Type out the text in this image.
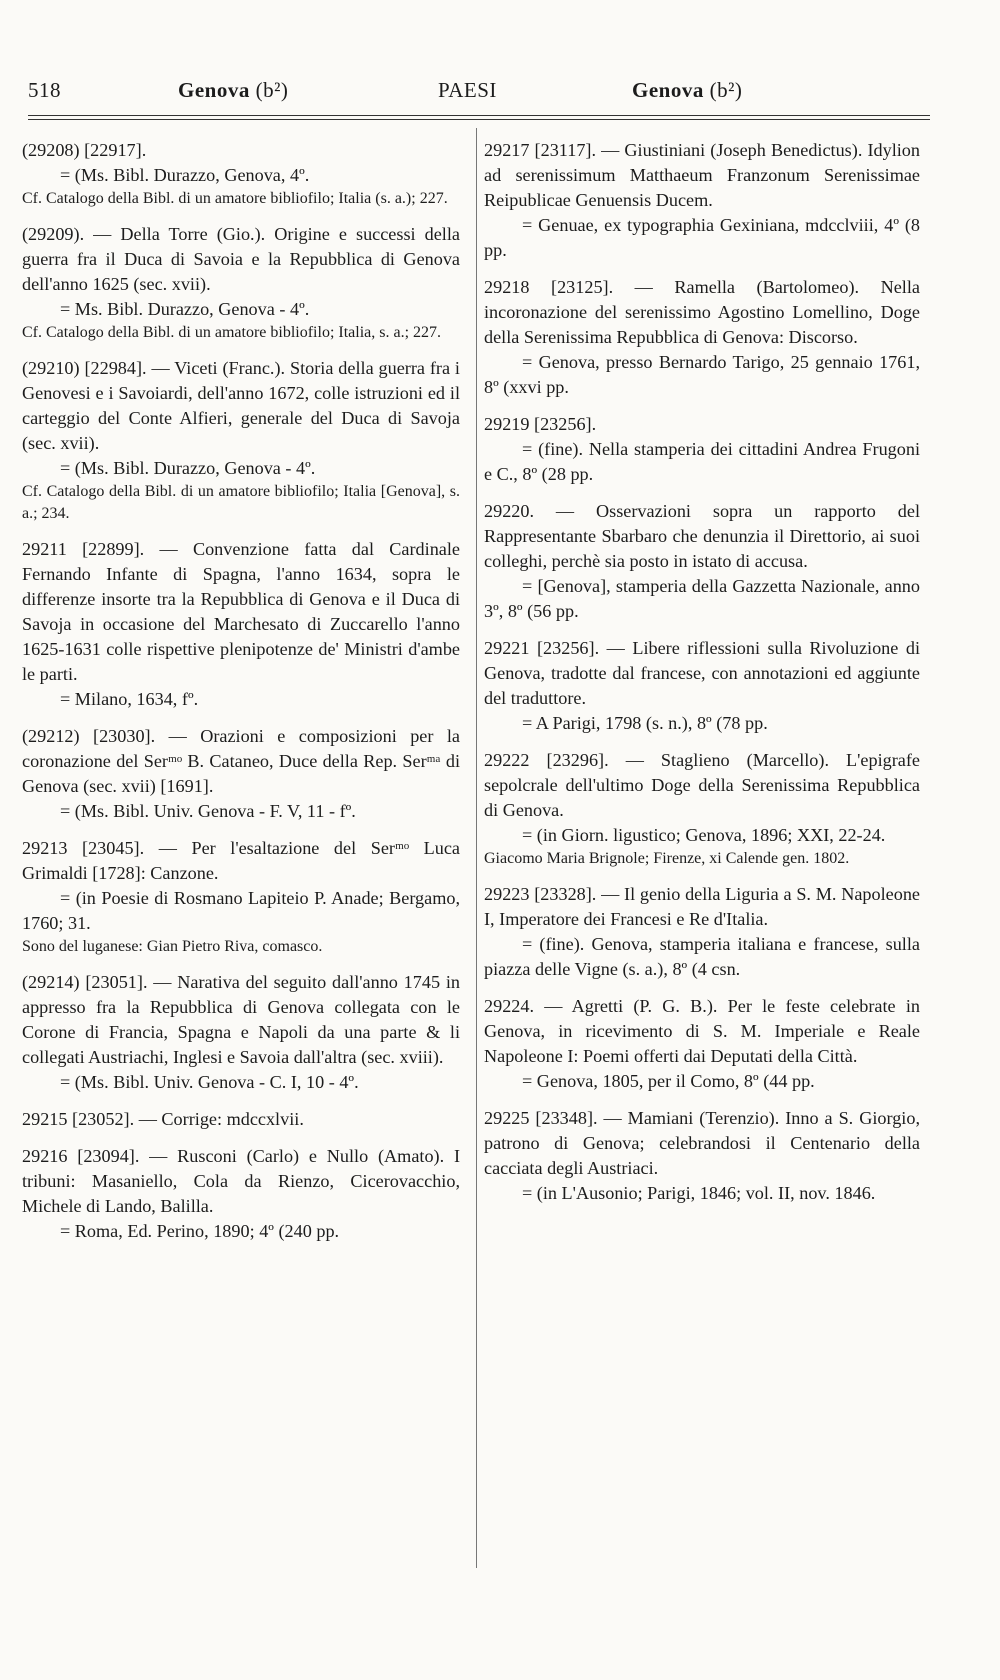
518	Genova (b²)	PAESI	Genova (b²)

(29208) [22917].

= (Ms. Bibl. Durazzo, Genova, 4º.

Cf. Catalogo della Bibl. di un amatore bibliofilo; Italia (s. a.); 227.

(29209). — Della Torre (Gio.). Origine e successi della guerra fra il Duca di Savoia e la Repubblica di Genova dell'anno 1625 (sec. xvii).

= Ms. Bibl. Durazzo, Genova - 4º.

Cf. Catalogo della Bibl. di un amatore bibliofilo; Italia, s. a.; 227.

(29210) [22984]. — Viceti (Franc.). Storia della guerra fra i Genovesi e i Savoiardi, dell'anno 1672, colle istruzioni ed il carteggio del Conte Alfieri, generale del Duca di Savoja (sec. xvii).

= (Ms. Bibl. Durazzo, Genova - 4º.

Cf. Catalogo della Bibl. di un amatore bibliofilo; Italia [Genova], s. a.; 234.

29211 [22899]. — Convenzione fatta dal Cardinale Fernando Infante di Spagna, l'anno 1634, sopra le differenze insorte tra la Repubblica di Genova e il Duca di Savoja in occasione del Marchesato di Zuccarello l'anno 1625-1631 colle rispettive plenipotenze de' Ministri d'ambe le parti.

= Milano, 1634, fº.

(29212) [23030]. — Orazioni e composizioni per la coronazione del Serᵐᵒ B. Cataneo, Duce della Rep. Serᵐᵃ di Genova (sec. xvii) [1691].

= (Ms. Bibl. Univ. Genova - F. V, 11 - fº.

29213 [23045]. — Per l'esaltazione del Serᵐᵒ Luca Grimaldi [1728]: Canzone.

= (in Poesie di Rosmano Lapiteio P. Anade; Bergamo, 1760; 31.

Sono del luganese: Gian Pietro Riva, comasco.

(29214) [23051]. — Narativa del seguito dall'anno 1745 in appresso fra la Repubblica di Genova collegata con le Corone di Francia, Spagna e Napoli da una parte & li collegati Austriachi, Inglesi e Savoia dall'altra (sec. xviii).

= (Ms. Bibl. Univ. Genova - C. I, 10 - 4º.

29215 [23052]. — Corrige: mdccxlvii.

29216 [23094]. — Rusconi (Carlo) e Nullo (Amato). I tribuni: Masaniello, Cola da Rienzo, Cicerovacchio, Michele di Lando, Balilla.

= Roma, Ed. Perino, 1890; 4º (240 pp.

29217 [23117]. — Giustiniani (Joseph Benedictus). Idylion ad serenissimum Matthaeum Franzonum Serenissimae Reipublicae Genuensis Ducem.

= Genuae, ex typographia Gexiniana, mdcclviii, 4º (8 pp.

29218 [23125]. — Ramella (Bartolomeo). Nella incoronazione del serenissimo Agostino Lomellino, Doge della Serenissima Repubblica di Genova: Discorso.

= Genova, presso Bernardo Tarigo, 25 gennaio 1761, 8º (xxvi pp.

29219 [23256].

= (fine). Nella stamperia dei cittadini Andrea Frugoni e C., 8º (28 pp.

29220. — Osservazioni sopra un rapporto del Rappresentante Sbarbaro che denunzia il Direttorio, ai suoi colleghi, perchè sia posto in istato di accusa.

= [Genova], stamperia della Gazzetta Nazionale, anno 3º, 8º (56 pp.

29221 [23256]. — Libere riflessioni sulla Rivoluzione di Genova, tradotte dal francese, con annotazioni ed aggiunte del traduttore.

= A Parigi, 1798 (s. n.), 8º (78 pp.

29222 [23296]. — Staglieno (Marcello). L'epigrafe sepolcrale dell'ultimo Doge della Serenissima Repubblica di Genova.

= (in Giorn. ligustico; Genova, 1896; XXI, 22-24.

Giacomo Maria Brignole; Firenze, xi Calende gen. 1802.

29223 [23328]. — Il genio della Liguria a S. M. Napoleone I, Imperatore dei Francesi e Re d'Italia.

= (fine). Genova, stamperia italiana e francese, sulla piazza delle Vigne (s. a.), 8º (4 csn.

29224. — Agretti (P. G. B.). Per le feste celebrate in Genova, in ricevimento di S. M. Imperiale e Reale Napoleone I: Poemi offerti dai Deputati della Città.

= Genova, 1805, per il Como, 8º (44 pp.

29225 [23348]. — Mamiani (Terenzio). Inno a S. Giorgio, patrono di Genova; celebrandosi il Centenario della cacciata degli Austriaci.

= (in L'Ausonio; Parigi, 1846; vol. II, nov. 1846.
